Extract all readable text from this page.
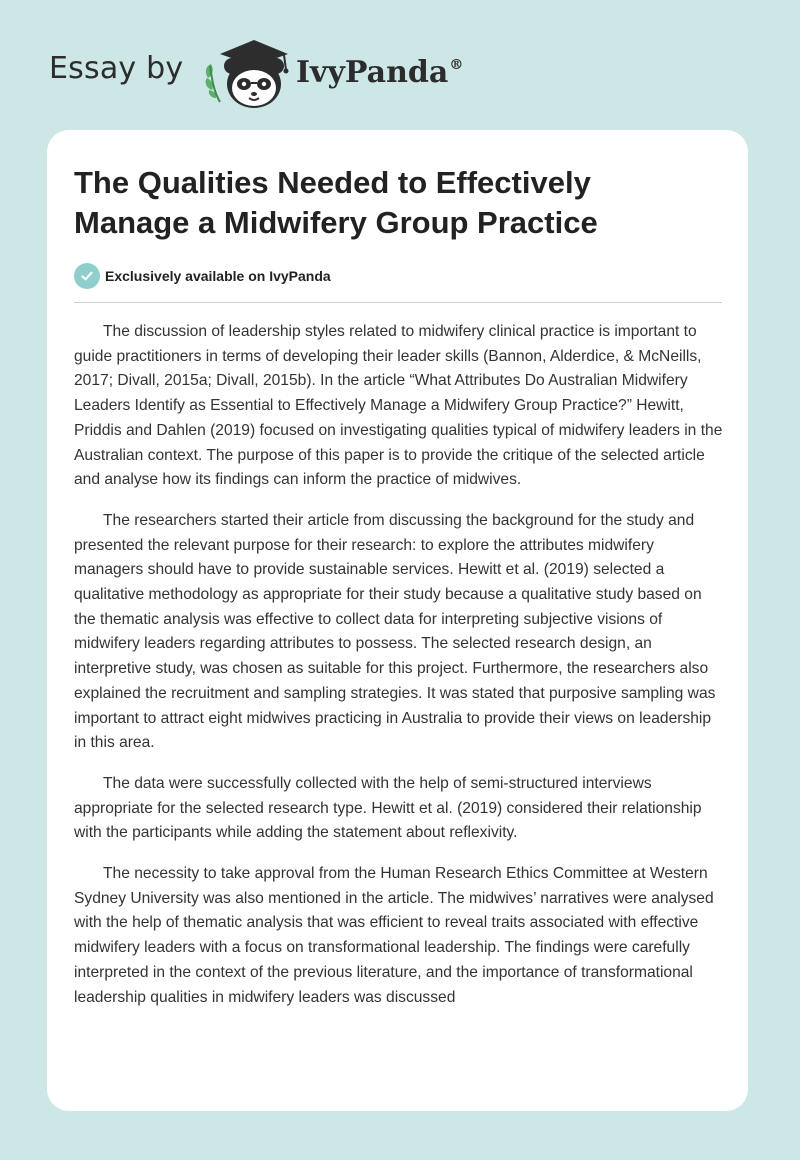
Essay by	IvyPanda®
The Qualities Needed to Effectively Manage a Midwifery Group Practice
Exclusively available on IvyPanda

The discussion of leadership styles related to midwifery clinical practice is important to guide practitioners in terms of developing their leader skills (Bannon, Alderdice, & McNeills, 2017; Divall, 2015a; Divall, 2015b). In the article “What Attributes Do Australian Midwifery Leaders Identify as Essential to Effectively Manage a Midwifery Group Practice?” Hewitt, Priddis and Dahlen (2019) focused on investigating qualities typical of midwifery leaders in the Australian context. The purpose of this paper is to provide the critique of the selected article and analyse how its findings can inform the practice of midwives.

The researchers started their article from discussing the background for the study and presented the relevant purpose for their research: to explore the attributes midwifery managers should have to provide sustainable services. Hewitt et al. (2019) selected a qualitative methodology as appropriate for their study because a qualitative study based on the thematic analysis was effective to collect data for interpreting subjective visions of midwifery leaders regarding attributes to possess. The selected research design, an interpretive study, was chosen as suitable for this project. Furthermore, the researchers also explained the recruitment and sampling strategies. It was stated that purposive sampling was important to attract eight midwives practicing in Australia to provide their views on leadership in this area.

The data were successfully collected with the help of semi-structured interviews appropriate for the selected research type. Hewitt et al. (2019) considered their relationship with the participants while adding the statement about reflexivity.

The necessity to take approval from the Human Research Ethics Committee at Western Sydney University was also mentioned in the article. The midwives’ narratives were analysed with the help of thematic analysis that was efficient to reveal traits associated with effective midwifery leaders with a focus on transformational leadership. The findings were carefully interpreted in the context of the previous literature, and the importance of transformational leadership qualities in midwifery leaders was discussed
